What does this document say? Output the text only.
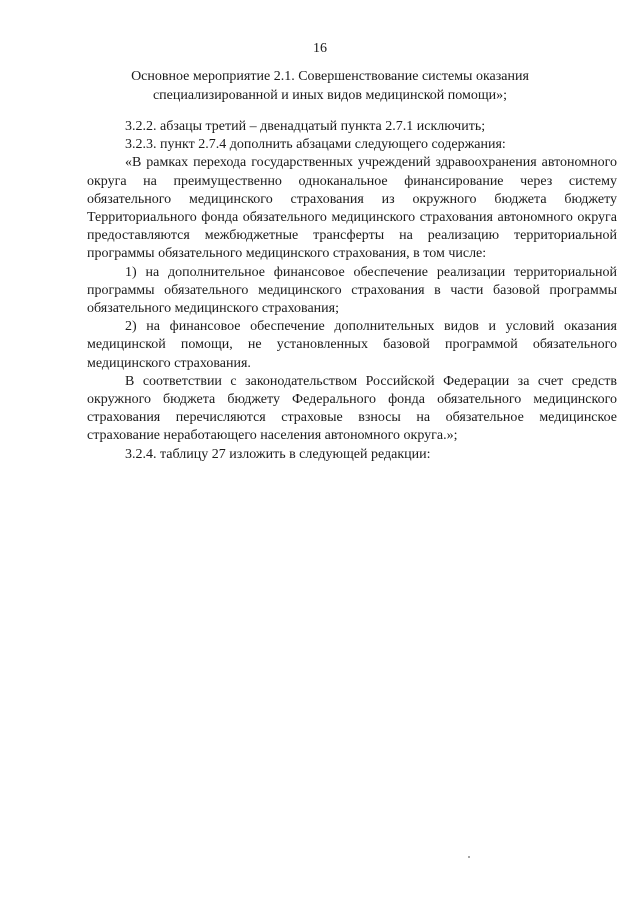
16
Основное мероприятие 2.1. Совершенствование системы оказания специализированной и иных видов медицинской помощи»;

3.2.2. абзацы третий – двенадцатый пункта 2.7.1 исключить;

3.2.3. пункт 2.7.4 дополнить абзацами следующего содержания:

«В рамках перехода государственных учреждений здравоохранения автономного округа на преимущественно одноканальное финансирование через систему обязательного медицинского страхования из окружного бюджета бюджету Территориального фонда обязательного медицинского страхования автономного округа предоставляются межбюджетные трансферты на реализацию территориальной программы обязательного медицинского страхования, в том числе:

1) на дополнительное финансовое обеспечение реализации территориальной программы обязательного медицинского страхования в части базовой программы обязательного медицинского страхования;

2) на финансовое обеспечение дополнительных видов и условий оказания медицинской помощи, не установленных базовой программой обязательного медицинского страхования.

В соответствии с законодательством Российской Федерации за счет средств окружного бюджета бюджету Федерального фонда обязательного медицинского страхования перечисляются страховые взносы на обязательное медицинское страхование неработающего населения автономного округа.»;

3.2.4. таблицу 27 изложить в следующей редакции:
